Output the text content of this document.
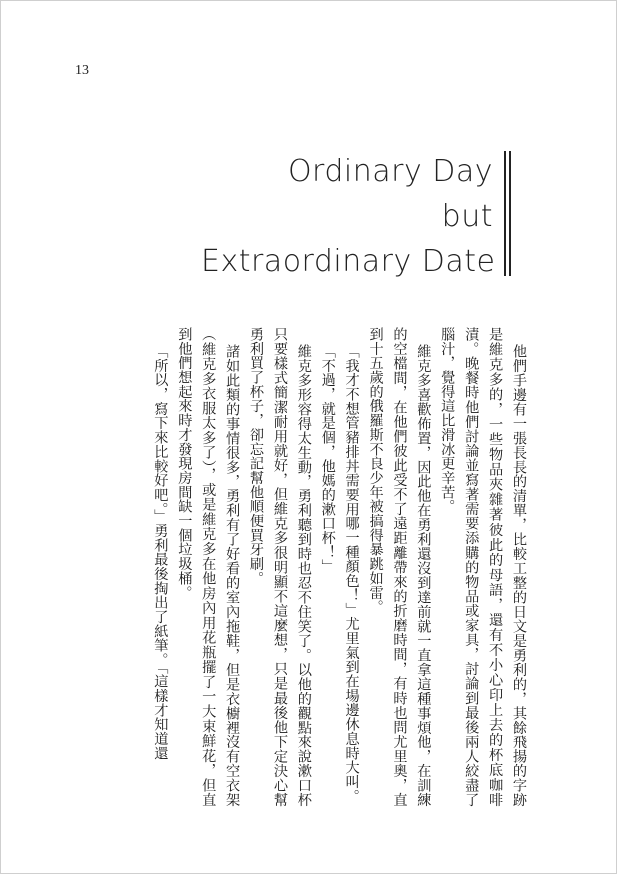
13
Ordinary Day
but
Extraordinary Date

他們手邊有一張長長的清單，比較工整的日文是勇利的，其餘飛揚的字跡是維克多的，一些物品夾雜著彼此的母語，還有不小心印上去的杯底咖啡漬。晚餐時他們討論並寫著需要添購的物品或家具，討論到最後兩人絞盡了腦汁，覺得這比滑冰更辛苦。

維克多喜歡佈置，因此他在勇利還沒到達前就一直拿這種事煩他，在訓練的空檔間，在他們彼此受不了遠距離帶來的折磨時間，有時也問尤里奧，直到十五歲的俄羅斯不良少年被搞得暴跳如雷。

「我才不想管豬排丼需要用哪一種顏色！」尤里氣到在場邊休息時大叫。

「不過，就是個，他媽的漱口杯！」

維克多形容得太生動，勇利聽到時也忍不住笑了。以他的觀點來說漱口杯只要樣式簡潔耐用就好，但維克多很明顯不這麼想，只是最後他下定決心幫勇利買了杯子，卻忘記幫他順便買牙刷。

諸如此類的事情很多，勇利有了好看的室內拖鞋，但是衣櫥裡沒有空衣架（維克多衣服太多了），或是維克多在他房內用花瓶擺了一大束鮮花，但直到他們想起來時才發現房間缺一個垃圾桶。

「所以，寫下來比較好吧。」勇利最後掏出了紙筆。「這樣才知道還
